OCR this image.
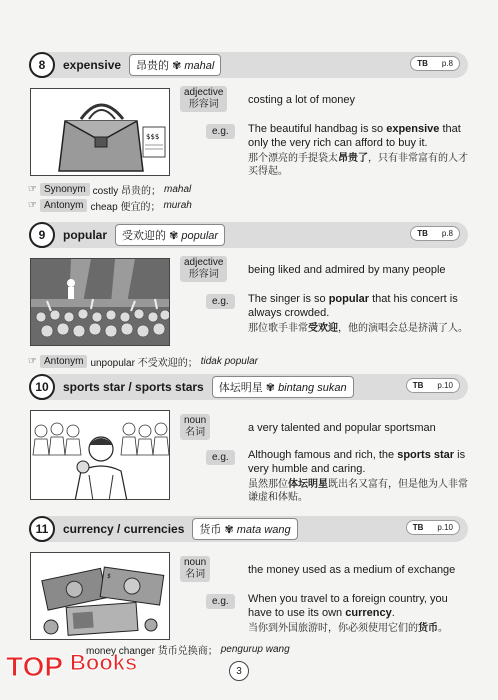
8	expensive	昂贵的 ✾ mahal	TB p.8
$$$
adjective
形容词	costing a lot of money
e.g.	The beautiful handbag is so expensive that only the very rich can afford to buy it.
那个漂亮的手提袋太昂贵了，只有非常富有的人才买得起。
☞ Synonym costly 昂贵的； mahal
☞ Antonym cheap 便宜的； murah
9	popular	受欢迎的 ✾ popular	TB p.8
adjective
形容词	being liked and admired by many people
e.g.	The singer is so popular that his concert is always crowded.
那位歌手非常受欢迎，他的演唱会总是挤满了人。
☞ Antonym unpopular 不受欢迎的； tidak popular
10	sports star / sports stars	体坛明星 ✾ bintang sukan	TB p.10
noun
名词	a very talented and popular sportsman
e.g.	Although famous and rich, the sports star is very humble and caring.
虽然那位体坛明星既出名又富有，但是他为人非常谦虚和体贴。
11	currency / currencies	货币 ✾ mata wang	TB p.10
$
noun
名词	the money used as a medium of exchange
e.g.	When you travel to a foreign country, you have to use its own currency.
当你到外国旅游时，你必须使用它们的货币。
money changer 货币兑换商； pengurup wang
3
TOP Books
